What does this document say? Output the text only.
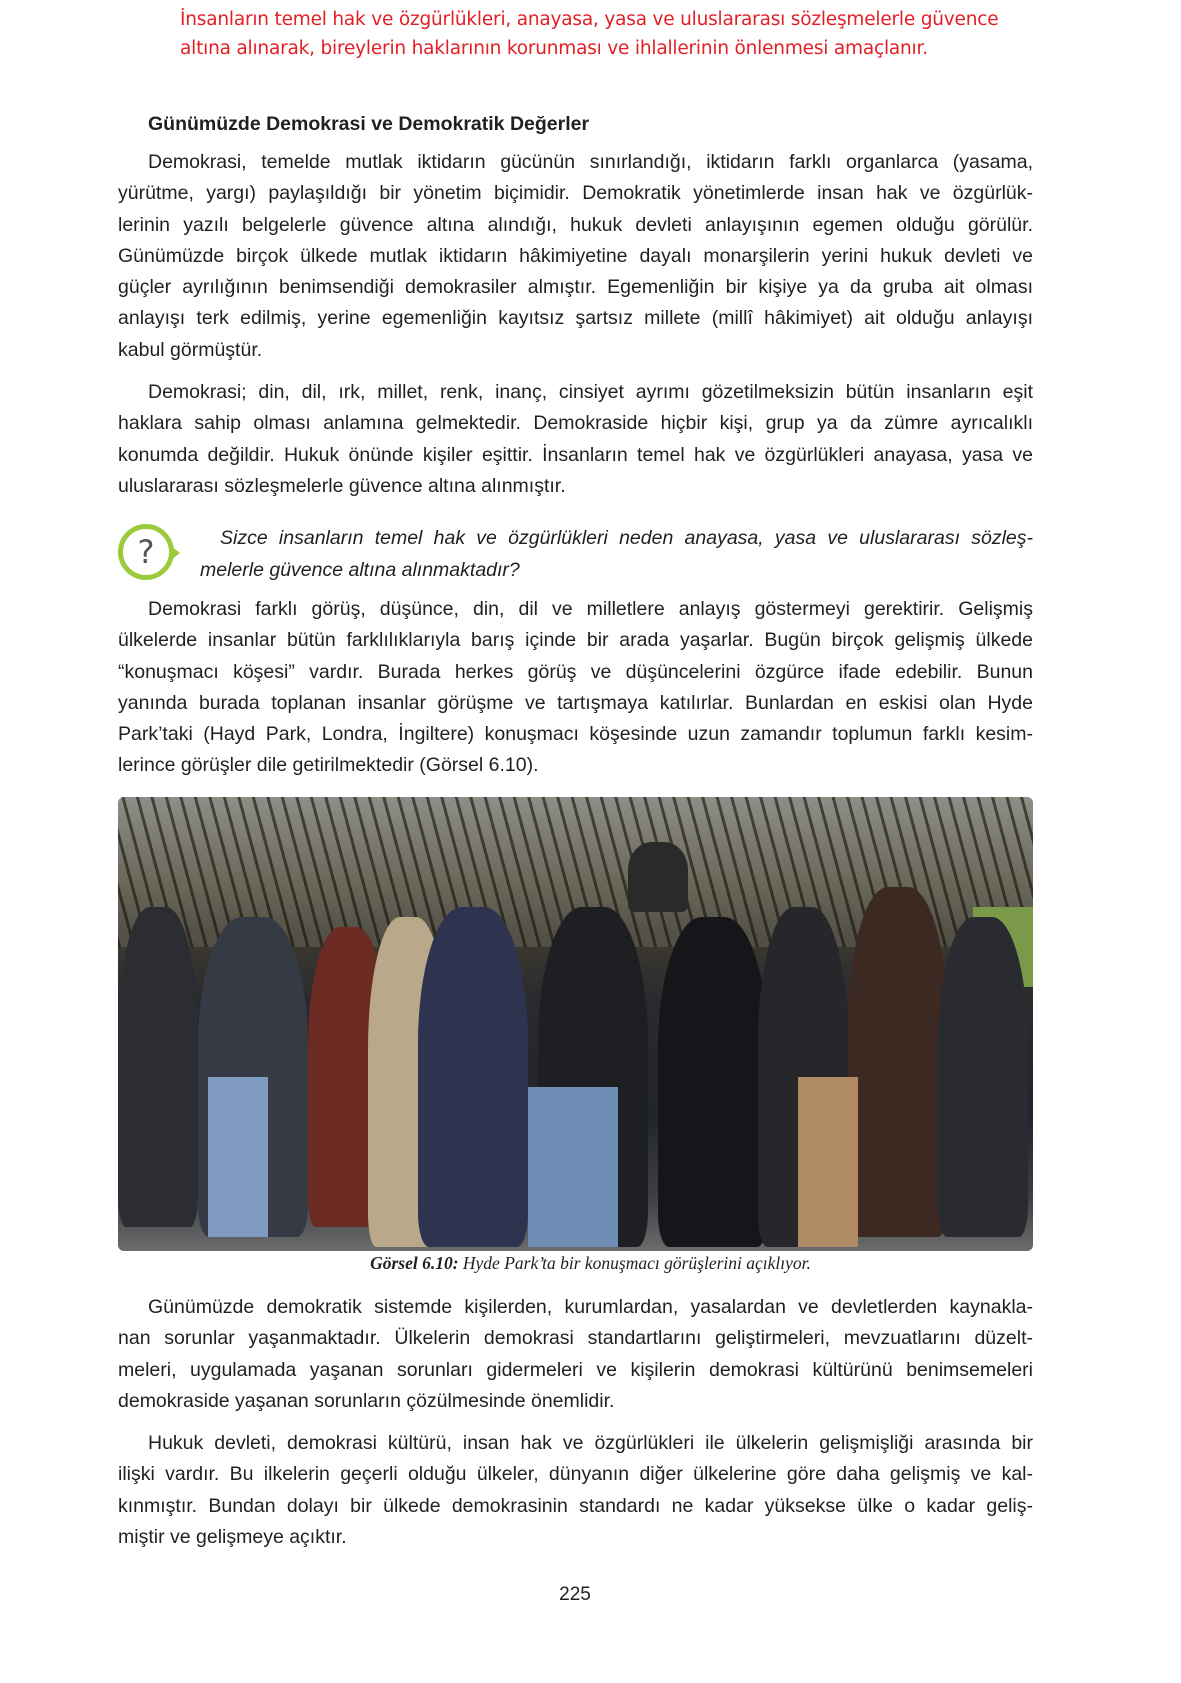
İnsanların temel hak ve özgürlükleri, anayasa, yasa ve uluslararası sözleşmelerle güvence
altına alınarak, bireylerin haklarının korunması ve ihlallerinin önlenmesi amaçlanır.
Günümüzde Demokrasi ve Demokratik Değerler
Demokrasi, temelde mutlak iktidarın gücünün sınırlandığı, iktidarın farklı organlarca (yasama,
yürütme, yargı) paylaşıldığı bir yönetim biçimidir. Demokratik yönetimlerde insan hak ve özgürlük-
lerinin yazılı belgelerle güvence altına alındığı, hukuk devleti anlayışının egemen olduğu görülür.
Günümüzde birçok ülkede mutlak iktidarın hâkimiyetine dayalı monarşilerin yerini hukuk devleti ve
güçler ayrılığının benimsendiği demokrasiler almıştır. Egemenliğin bir kişiye ya da gruba ait olması
anlayışı terk edilmiş, yerine egemenliğin kayıtsız şartsız millete (millî hâkimiyet) ait olduğu anlayışı
kabul görmüştür.
Demokrasi; din, dil, ırk, millet, renk, inanç, cinsiyet ayrımı gözetilmeksizin bütün insanların eşit
haklara sahip olması anlamına gelmektedir. Demokraside hiçbir kişi, grup ya da zümre ayrıcalıklı
konumda değildir. Hukuk önünde kişiler eşittir. İnsanların temel hak ve özgürlükleri anayasa, yasa ve
uluslararası sözleşmelerle güvence altına alınmıştır.
?	Sizce insanların temel hak ve özgürlükleri neden anayasa, yasa ve uluslararası sözleş-
melerle güvence altına alınmaktadır?
Demokrasi farklı görüş, düşünce, din, dil ve milletlere anlayış göstermeyi gerektirir. Gelişmiş
ülkelerde insanlar bütün farklılıklarıyla barış içinde bir arada yaşarlar. Bugün birçok gelişmiş ülkede
“konuşmacı köşesi” vardır. Burada herkes görüş ve düşüncelerini özgürce ifade edebilir. Bunun
yanında burada toplanan insanlar görüşme ve tartışmaya katılırlar. Bunlardan en eskisi olan Hyde
Park’taki (Hayd Park, Londra, İngiltere) konuşmacı köşesinde uzun zamandır toplumun farklı kesim-
lerince görüşler dile getirilmektedir (Görsel 6.10).
Görsel 6.10: Hyde Park’ta bir konuşmacı görüşlerini açıklıyor.
Günümüzde demokratik sistemde kişilerden, kurumlardan, yasalardan ve devletlerden kaynakla-
nan sorunlar yaşanmaktadır. Ülkelerin demokrasi standartlarını geliştirmeleri, mevzuatlarını düzelt-
meleri, uygulamada yaşanan sorunları gidermeleri ve kişilerin demokrasi kültürünü benimsemeleri
demokraside yaşanan sorunların çözülmesinde önemlidir.
Hukuk devleti, demokrasi kültürü, insan hak ve özgürlükleri ile ülkelerin gelişmişliği arasında bir
ilişki vardır. Bu ilkelerin geçerli olduğu ülkeler, dünyanın diğer ülkelerine göre daha gelişmiş ve kal-
kınmıştır. Bundan dolayı bir ülkede demokrasinin standardı ne kadar yüksekse ülke o kadar geliş-
miştir ve gelişmeye açıktır.
225
